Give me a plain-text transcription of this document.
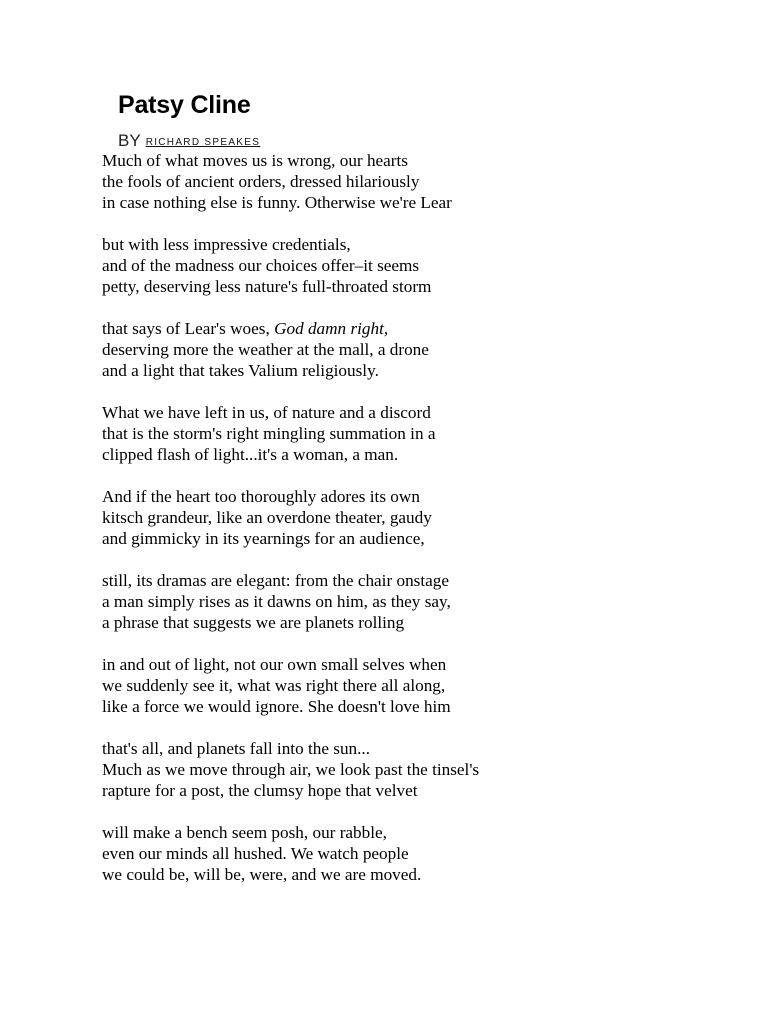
Patsy Cline
BY RICHARD SPEAKES
Much of what moves us is wrong, our hearts
the fools of ancient orders, dressed hilariously
in case nothing else is funny. Otherwise we're Lear
but with less impressive credentials,
and of the madness our choices offer–it seems
petty, deserving less nature's full-throated storm
that says of Lear's woes, God damn right,
deserving more the weather at the mall, a drone
and a light that takes Valium religiously.
What we have left in us, of nature and a discord
that is the storm's right mingling summation in a
clipped flash of light...it's a woman, a man.
And if the heart too thoroughly adores its own
kitsch grandeur, like an overdone theater, gaudy
and gimmicky in its yearnings for an audience,
still, its dramas are elegant: from the chair onstage
a man simply rises as it dawns on him, as they say,
a phrase that suggests we are planets rolling
in and out of light, not our own small selves when
we suddenly see it, what was right there all along,
like a force we would ignore. She doesn't love him
that's all, and planets fall into the sun...
Much as we move through air, we look past the tinsel's
rapture for a post, the clumsy hope that velvet
will make a bench seem posh, our rabble,
even our minds all hushed. We watch people
we could be, will be, were, and we are moved.
